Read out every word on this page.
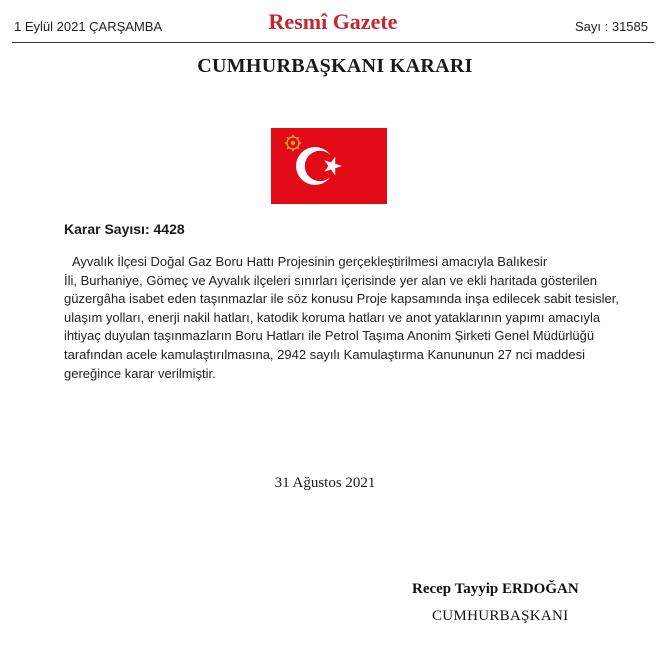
1 Eylül 2021 ÇARŞAMBA	Resmî Gazete	Sayı : 31585
CUMHURBAŞKANI KARARI
Karar Sayısı: 4428
Ayvalık İlçesi Doğal Gaz Boru Hattı Projesinin gerçekleştirilmesi amacıyla Balıkesir
İli, Burhaniye, Gömeç ve Ayvalık ilçeleri sınırları içerisinde yer alan ve ekli haritada gösterilen
güzergâha isabet eden taşınmazlar ile söz konusu Proje kapsamında inşa edilecek sabit tesisler,
ulaşım yolları, enerji nakil hatları, katodik koruma hatları ve anot yataklarının yapımı amacıyla
ihtiyaç duyulan taşınmazların Boru Hatları ile Petrol Taşıma Anonim Şirketi Genel Müdürlüğü
tarafından acele kamulaştırılmasına, 2942 sayılı Kamulaştırma Kanununun 27 nci maddesi
gereğince karar verilmiştir.
31 Ağustos 2021
Recep Tayyip ERDOĞAN
CUMHURBAŞKANI
